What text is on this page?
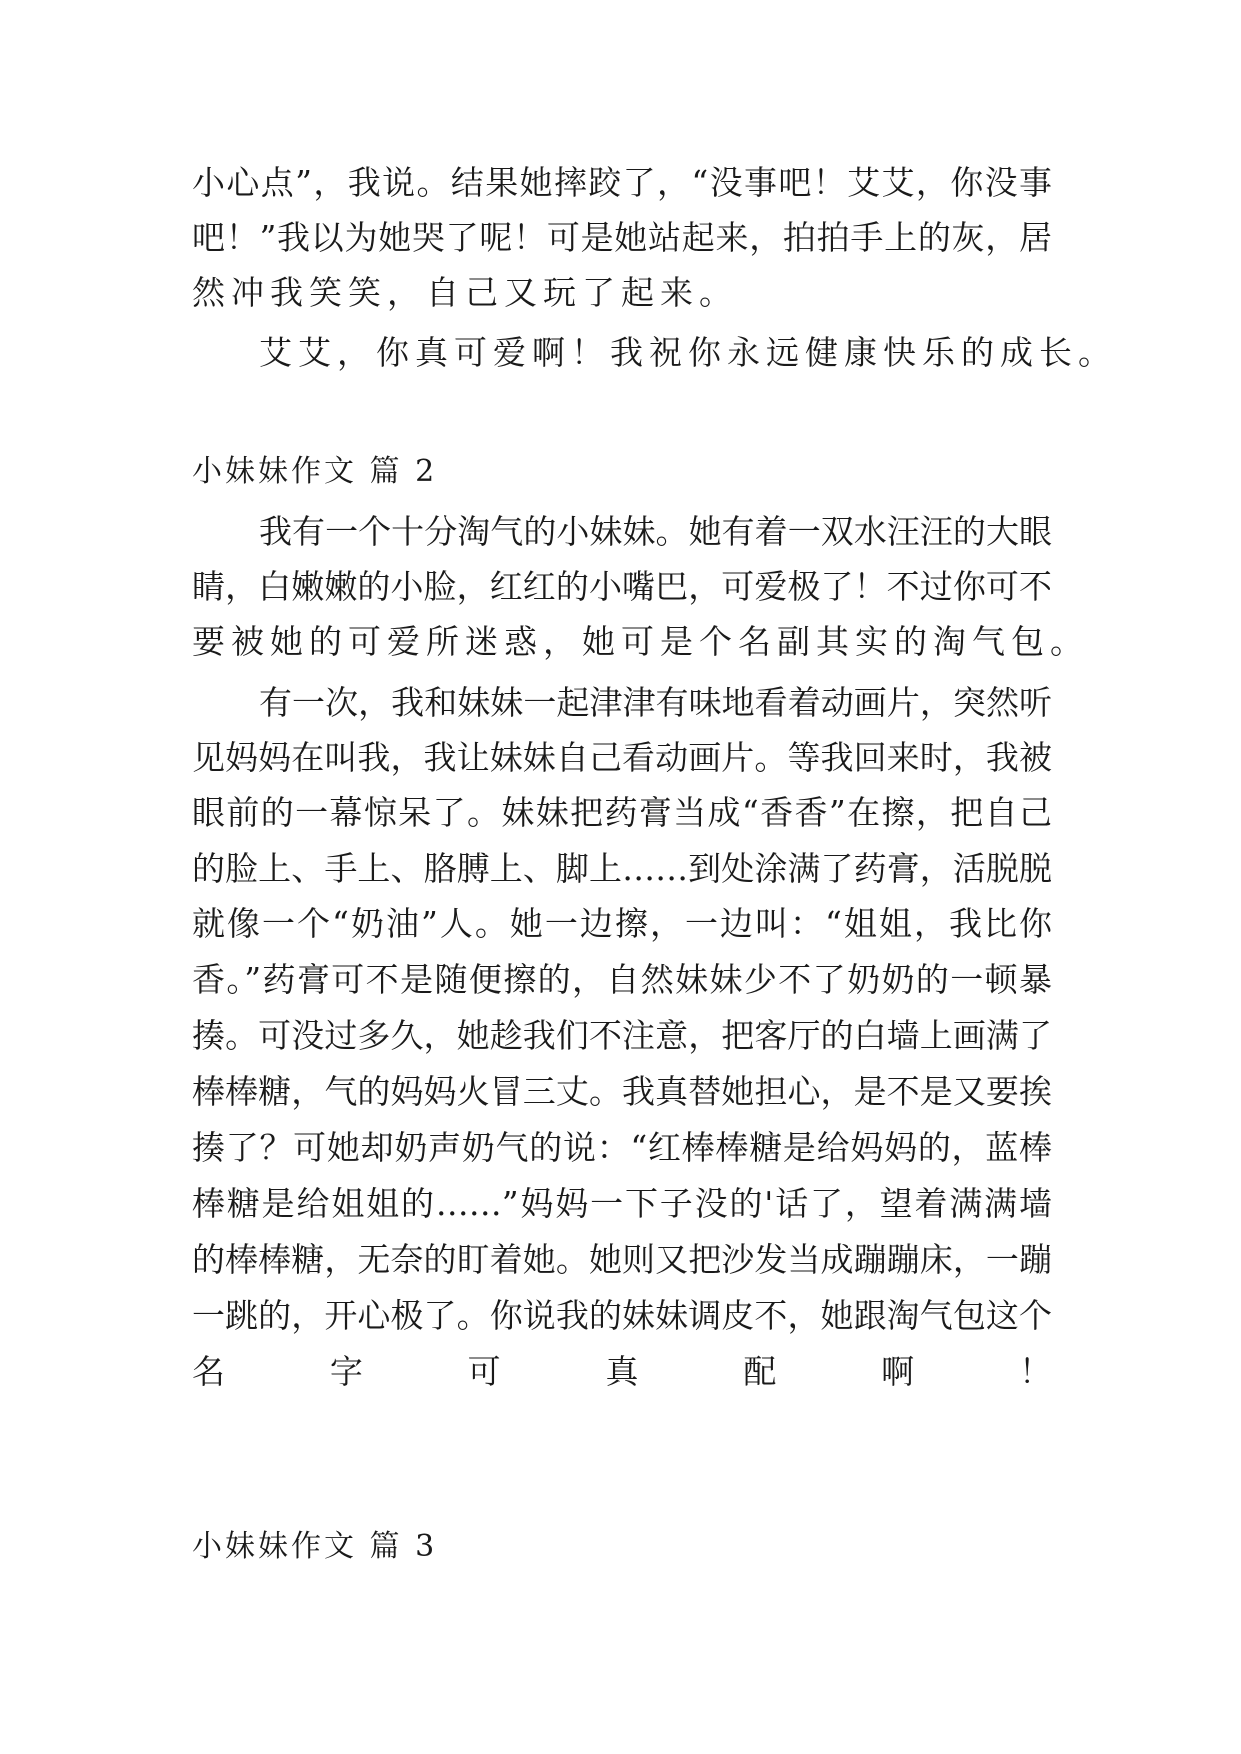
小心点”，我说。结果她摔跤了，“没事吧！艾艾，你没事
吧！”我以为她哭了呢！可是她站起来，拍拍手上的灰，居
然冲我笑笑，自己又玩了起来。
艾艾，你真可爱啊！我祝你永远健康快乐的成长。
小妹妹作文 篇 2
我有一个十分淘气的小妹妹。她有着一双水汪汪的大眼
睛，白嫩嫩的小脸，红红的小嘴巴，可爱极了！不过你可不
要被她的可爱所迷惑，她可是个名副其实的淘气包。
有一次，我和妹妹一起津津有味地看着动画片，突然听
见妈妈在叫我，我让妹妹自己看动画片。等我回来时，我被
眼前的一幕惊呆了。妹妹把药膏当成“香香”在擦，把自己
的脸上、手上、胳膊上、脚上……到处涂满了药膏，活脱脱
就像一个“奶油”人。她一边擦，一边叫：“姐姐，我比你
香。”药膏可不是随便擦的，自然妹妹少不了奶奶的一顿暴
揍。可没过多久，她趁我们不注意，把客厅的白墙上画满了
棒棒糖，气的妈妈火冒三丈。我真替她担心，是不是又要挨
揍了？可她却奶声奶气的说：“红棒棒糖是给妈妈的，蓝棒
棒糖是给姐姐的……”妈妈一下子没的'话了，望着满满墙
的棒棒糖，无奈的盯着她。她则又把沙发当成蹦蹦床，一蹦
一跳的，开心极了。你说我的妹妹调皮不，她跟淘气包这个
名字可真配啊！
小妹妹作文 篇 3
